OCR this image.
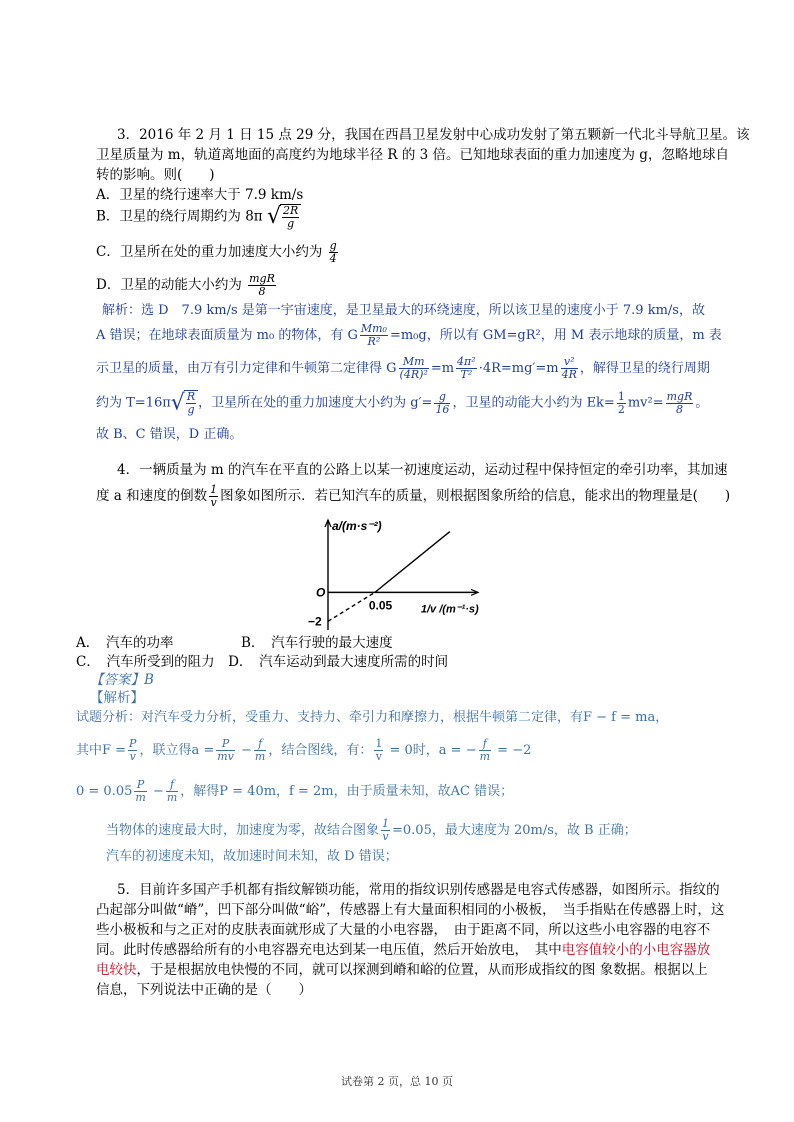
3．2016 年 2 月 1 日 15 点 29 分，我国在西昌卫星发射中心成功发射了第五颗新一代北斗导航卫星。该
卫星质量为 m，轨道离地面的高度约为地球半径 R 的 3 倍。已知地球表面的重力加速度为 g，忽略地球自
转的影响。则(　　)
A．卫星的绕行速率大于 7.9 km/s
B．卫星的绕行周期约为 8π √ $\frac{2R}{g}$
C．卫星所在处的重力加速度大小约为 $\frac{g}{4}$
D．卫星的动能大小约为 $\frac{\text{mgR}}{8}$
解析：选 D　7.9 km/s 是第一宇宙速度，是卫星最大的环绕速度，所以该卫星的速度小于 7.9 km/s，故
A 错误；在地球表面质量为 m₀ 的物体，有 G $\frac{\text{Mm₀}}{\text{R²}} =m_0g$，所以有 GM=gR²，用 M 表示地球的质量，m 表
示卫星的质量，由万有引力定律和牛顿第二定律得 G $\frac{Mm}{\text{(4R)²}} =m \frac{\text{4π²}}{\text{T²}} \cdot 4R=mg'=m \frac{\text{v²}}{4R}$ ，解得卫星的绕行周期
约为 $T=16\pi√ \frac{R}{g}$ ，卫星所在处的重力加速度大小约为 $g'= \frac{g}{16}$ ，卫星的动能大小约为 $Ek= \frac{1}{2} mv^2= \frac{\text{mgR}}{8}$ 。
故 B、C 错误，D 正确。
4．一辆质量为 m 的汽车在平直的公路上以某一初速度运动，运动过程中保持恒定的牵引功率，其加速
度 a 和速度的倒数 $\frac{1}{v}$ 图象如图所示．若已知汽车的质量，则根据图象所给的信息，能求出的物理量是(　　)
a/(m·s⁻²)
O
0.05
−2
1/v /(m⁻¹·s)
A．　汽车的功率　　　　　B．　汽车行驶的最大速度
C．　汽车所受到的阻力　D．　汽车运动到最大速度所需的时间
【答案】B
【解析】
试题分析：对汽车受力分析，受重力、支持力、牵引力和摩擦力，根据牛顿第二定律，有F − f = ma，
其中$F = \frac{P}{v}$ ，联立得$a = \frac{P}{mv} - \frac{f}{m}$ ，结合图线，有： $\frac{1}{v} = 0$时，a = − $\frac{f}{m} = -2$
$0 = 0.05 \frac{P}{m} - \frac{f}{m}$ ，解得P = 40m，f = 2m，由于质量未知，故AC 错误；
当物体的速度最大时，加速度为零，故结合图象 $\frac{1}{v} =0.05$，最大速度为 20m/s，故 B 正确；
汽车的初速度未知，故加速时间未知，故 D 错误；
5．目前许多国产手机都有指纹解锁功能，常用的指纹识别传感器是电容式传感器，如图所示。指纹的
凸起部分叫做“嵴”，凹下部分叫做“峪”，传感器上有大量面积相同的小极板，　当手指贴在传感器上时，这
些小极板和与之正对的皮肤表面就形成了大量的小电容器，　由于距离不同，所以这些小电容器的电容不
同。此时传感器给所有的小电容器充电达到某一电压值，然后开始放电，　其中电容值较小的小电容器放
电较快，于是根据放电快慢的不同，就可以探测到嵴和峪的位置，从而形成指纹的图 象数据。根据以上
信息，下列说法中正确的是（　　）
试卷第 2 页，总 10 页
